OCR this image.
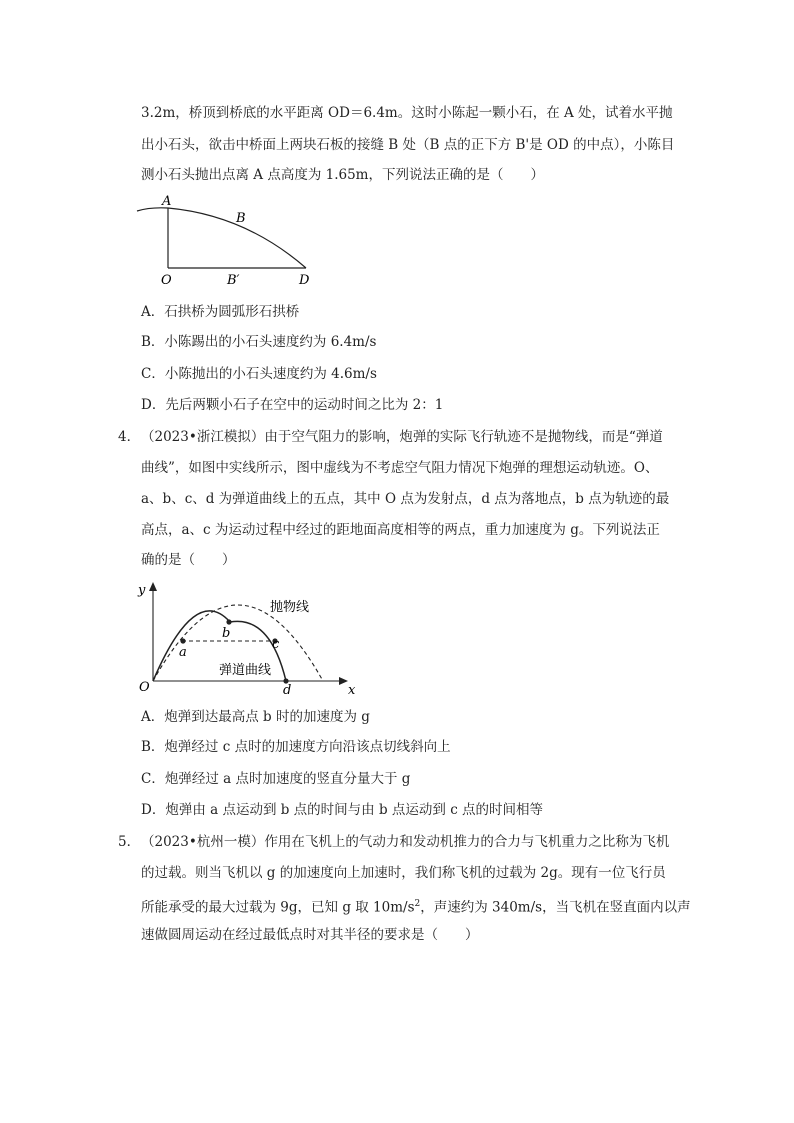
3.2m，桥顶到桥底的水平距离 OD＝6.4m。这时小陈起一颗小石，在 A 处，试着水平抛
出小石头，欲击中桥面上两块石板的接缝 B 处（B 点的正下方 B'是 OD 的中点），小陈目
测小石头抛出点离 A 点高度为 1.65m，下列说法正确的是（　　）
A
B
O	B′	D
A．石拱桥为圆弧形石拱桥
B．小陈踢出的小石头速度约为 6.4m/s
C．小陈抛出的小石头速度约为 4.6m/s
D．先后两颗小石子在空中的运动时间之比为 2：1
4． （2023•浙江模拟）由于空气阻力的影响，炮弹的实际飞行轨迹不是抛物线，而是“弹道
曲线”，如图中实线所示，图中虚线为不考虑空气阻力情况下炮弹的理想运动轨迹。O、
a、b、c、d 为弹道曲线上的五点，其中 O 点为发射点，d 点为落地点，b 点为轨迹的最
高点，a、c 为运动过程中经过的距地面高度相等的两点，重力加速度为 g。下列说法正
确的是（　　）
y
x
O
a
b
c
d
抛物线
弹道曲线
A．炮弹到达最高点 b 时的加速度为 g
B．炮弹经过 c 点时的加速度方向沿该点切线斜向上
C．炮弹经过 a 点时加速度的竖直分量大于 g
D．炮弹由 a 点运动到 b 点的时间与由 b 点运动到 c 点的时间相等
5． （2023•杭州一模）作用在飞机上的气动力和发动机推力的合力与飞机重力之比称为飞机
的过载。则当飞机以 g 的加速度向上加速时，我们称飞机的过载为 2g。现有一位飞行员
所能承受的最大过载为 9g，已知 g 取 $10m/s^2$，声速约为 340m/s，当飞机在竖直面内以声
速做圆周运动在经过最低点时对其半径的要求是（　　）
